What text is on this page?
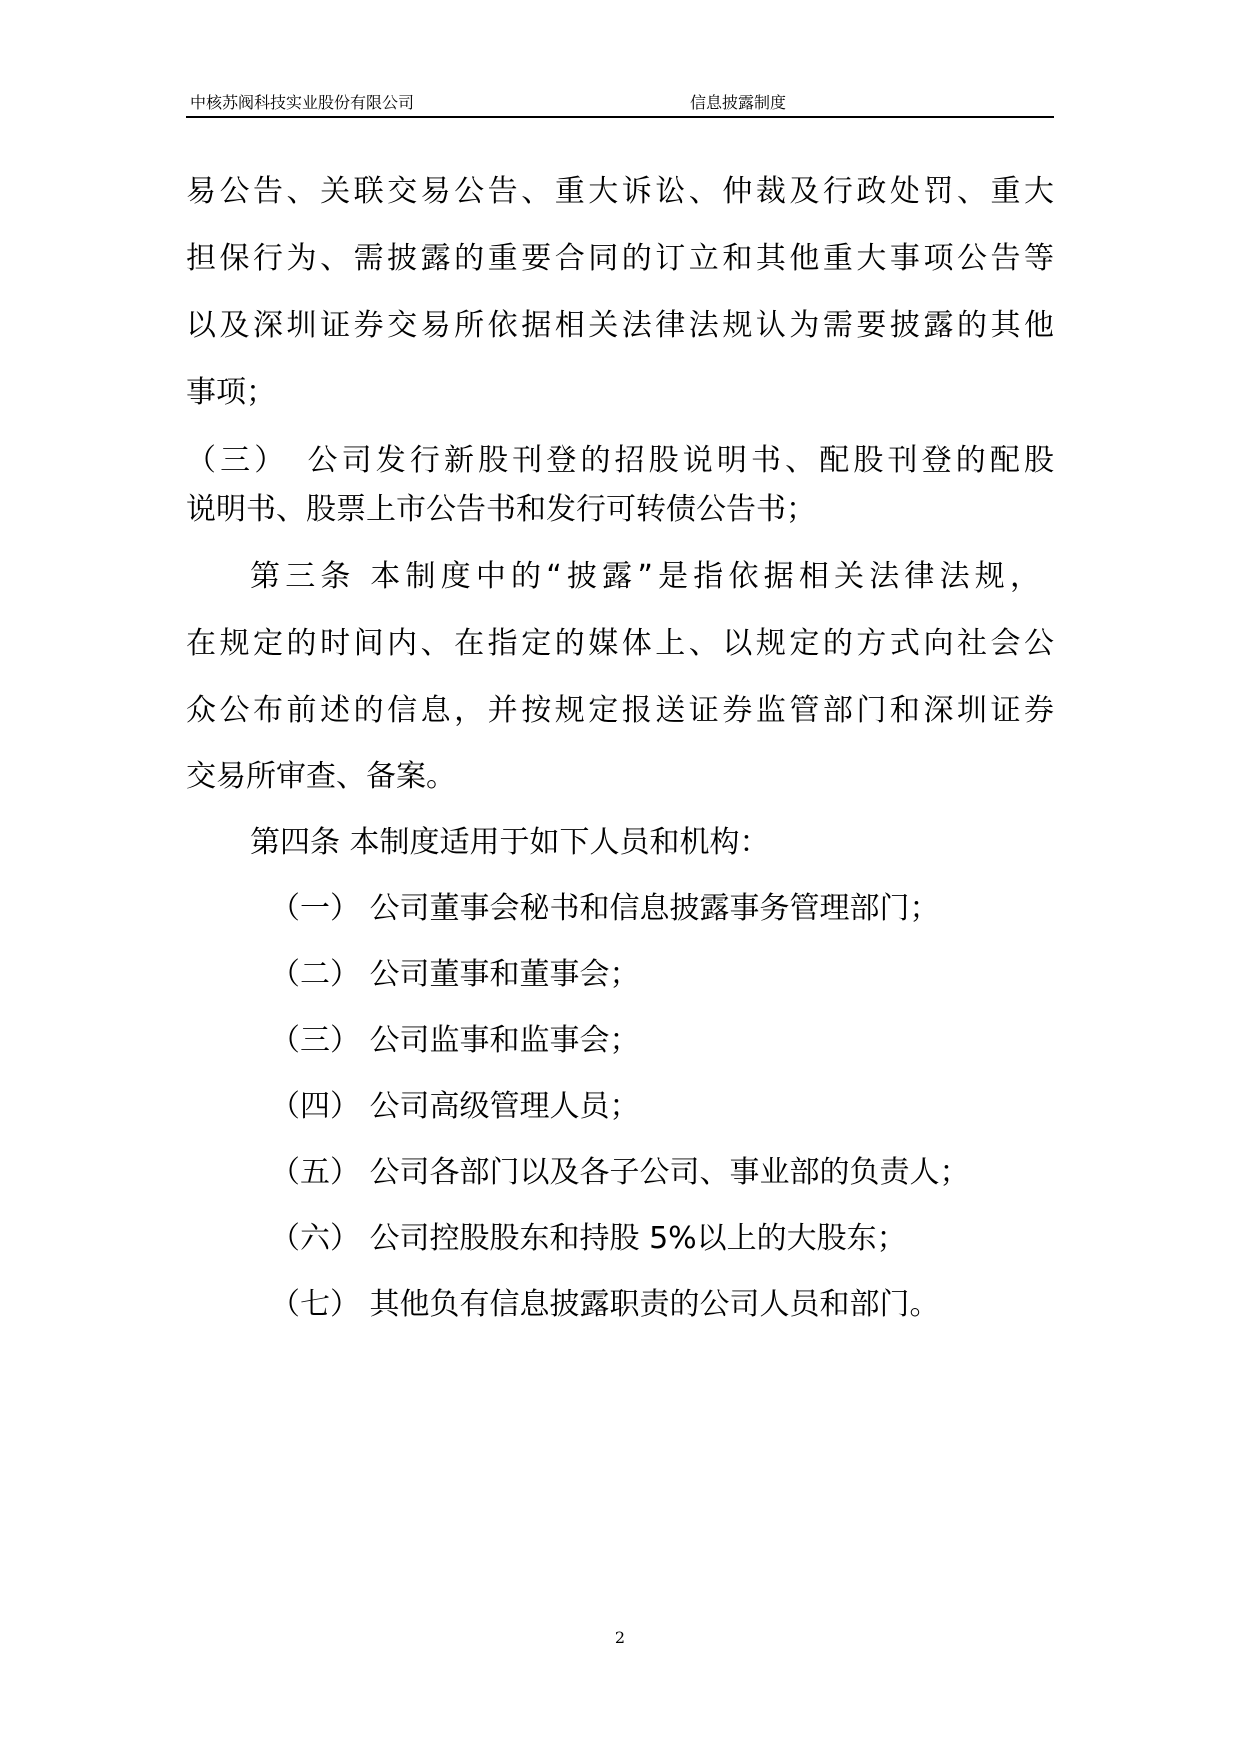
中核苏阀科技实业股份有限公司	信息披露制度
易公告、关联交易公告、重大诉讼、仲裁及行政处罚、重大
担保行为、需披露的重要合同的订立和其他重大事项公告等
以及深圳证券交易所依据相关法律法规认为需要披露的其他
事项；
（三）　公司发行新股刊登的招股说明书、配股刊登的配股
说明书、股票上市公告书和发行可转债公告书；
第三条 本制度中的“披露”是指依据相关法律法规，
在规定的时间内、在指定的媒体上、以规定的方式向社会公
众公布前述的信息，并按规定报送证券监管部门和深圳证券
交易所审查、备案。
第四条 本制度适用于如下人员和机构：
（一） 公司董事会秘书和信息披露事务管理部门；
（二） 公司董事和董事会；
（三） 公司监事和监事会；
（四） 公司高级管理人员；
（五） 公司各部门以及各子公司、事业部的负责人；
（六） 公司控股股东和持股 5%以上的大股东；
（七） 其他负有信息披露职责的公司人员和部门。
2
